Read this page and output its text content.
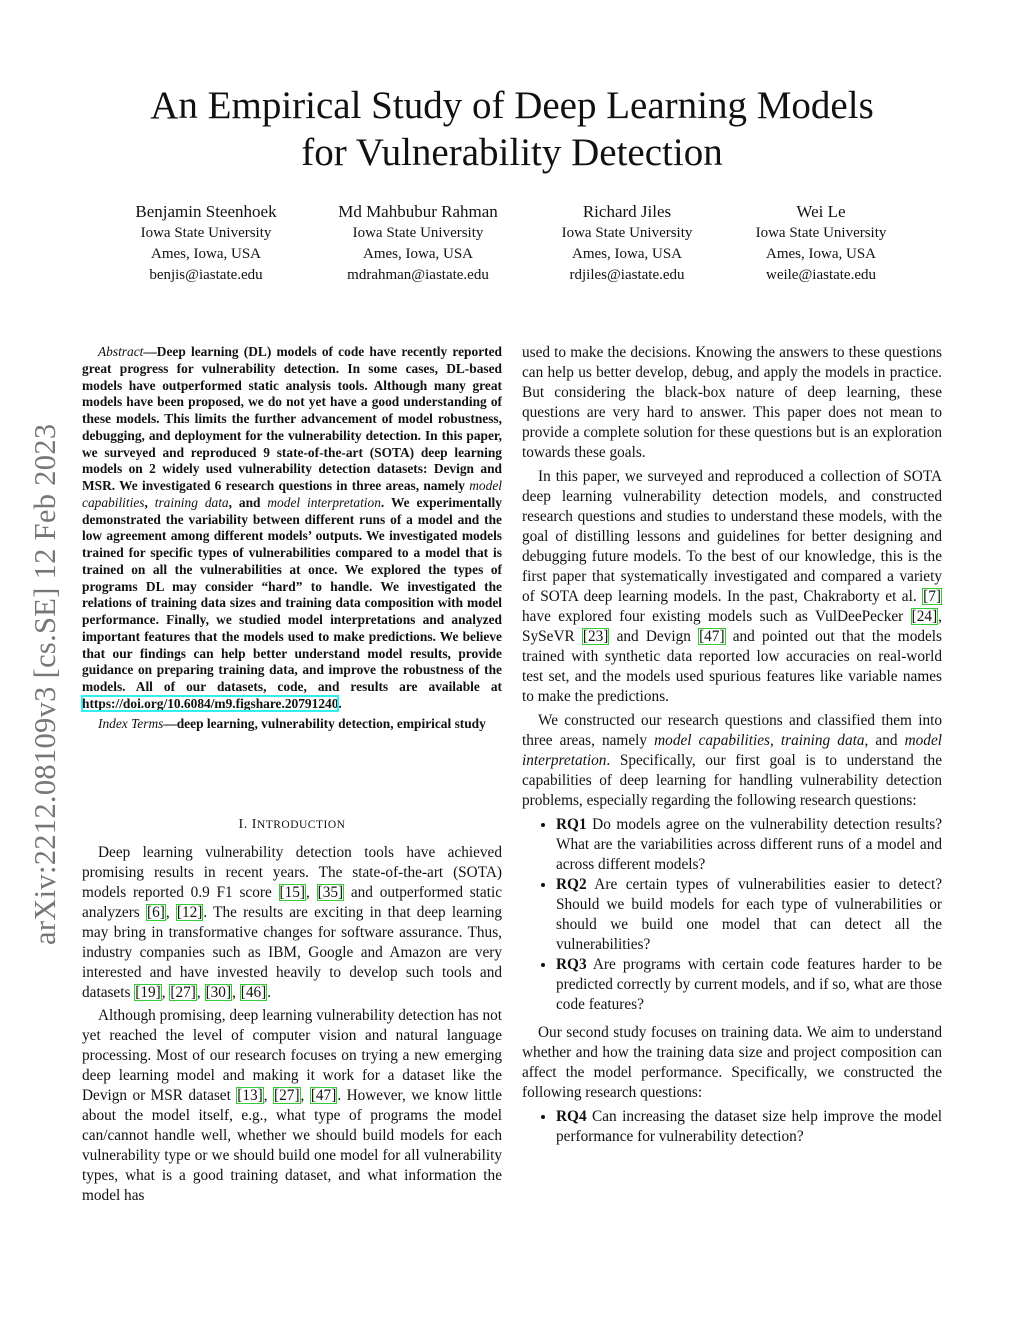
arXiv:2212.08109v3 [cs.SE] 12 Feb 2023
An Empirical Study of Deep Learning Models
for Vulnerability Detection
Benjamin Steenhoek
Iowa State University
Ames, Iowa, USA
benjis@iastate.edu
Md Mahbubur Rahman
Iowa State University
Ames, Iowa, USA
mdrahman@iastate.edu
Richard Jiles
Iowa State University
Ames, Iowa, USA
rdjiles@iastate.edu
Wei Le
Iowa State University
Ames, Iowa, USA
weile@iastate.edu

Abstract—Deep learning (DL) models of code have recently reported great progress for vulnerability detection. In some cases, DL-based models have outperformed static analysis tools. Although many great models have been proposed, we do not yet have a good understanding of these models. This limits the further advancement of model robustness, debugging, and deployment for the vulnerability detection. In this paper, we surveyed and reproduced 9 state-of-the-art (SOTA) deep learning models on 2 widely used vulnerability detection datasets: Devign and MSR. We investigated 6 research questions in three areas, namely model capabilities, training data, and model interpretation. We experimentally demonstrated the variability between different runs of a model and the low agreement among different models’ outputs. We investigated models trained for specific types of vulnerabilities compared to a model that is trained on all the vulnerabilities at once. We explored the types of programs DL may consider “hard” to handle. We investigated the relations of training data sizes and training data composition with model performance. Finally, we studied model interpretations and analyzed important features that the models used to make predictions. We believe that our findings can help better understand model results, provide guidance on preparing training data, and improve the robustness of the models. All of our datasets, code, and results are available at https://doi.org/10.6084/m9.figshare.20791240.

Index Terms—deep learning, vulnerability detection, empirical study

I. INTRODUCTION

Deep learning vulnerability detection tools have achieved promising results in recent years. The state-of-the-art (SOTA) models reported 0.9 F1 score [15], [35] and outperformed static analyzers [6], [12]. The results are exciting in that deep learning may bring in transformative changes for software assurance. Thus, industry companies such as IBM, Google and Amazon are very interested and have invested heavily to develop such tools and datasets [19], [27], [30], [46].

Although promising, deep learning vulnerability detection has not yet reached the level of computer vision and natural language processing. Most of our research focuses on trying a new emerging deep learning model and making it work for a dataset like the Devign or MSR dataset [13], [27], [47]. However, we know little about the model itself, e.g., what type of programs the model can/cannot handle well, whether we should build models for each vulnerability type or we should build one model for all vulnerability types, what is a good training dataset, and what information the model has

used to make the decisions. Knowing the answers to these questions can help us better develop, debug, and apply the models in practice. But considering the black-box nature of deep learning, these questions are very hard to answer. This paper does not mean to provide a complete solution for these questions but is an exploration towards these goals.

In this paper, we surveyed and reproduced a collection of SOTA deep learning vulnerability detection models, and constructed research questions and studies to understand these models, with the goal of distilling lessons and guidelines for better designing and debugging future models. To the best of our knowledge, this is the first paper that systematically investigated and compared a variety of SOTA deep learning models. In the past, Chakraborty et al. [7] have explored four existing models such as VulDeePecker [24], SySeVR [23] and Devign [47] and pointed out that the models trained with synthetic data reported low accuracies on real-world test set, and the models used spurious features like variable names to make the predictions.

We constructed our research questions and classified them into three areas, namely model capabilities, training data, and model interpretation. Specifically, our first goal is to understand the capabilities of deep learning for handling vulnerability detection problems, especially regarding the following research questions:

• RQ1 Do models agree on the vulnerability detection results? What are the variabilities across different runs of a model and across different models?
• RQ2 Are certain types of vulnerabilities easier to detect? Should we build models for each type of vulnerabilities or should we build one model that can detect all the vulnerabilities?
• RQ3 Are programs with certain code features harder to be predicted correctly by current models, and if so, what are those code features?

Our second study focuses on training data. We aim to understand whether and how the training data size and project composition can affect the model performance. Specifically, we constructed the following research questions:

• RQ4 Can increasing the dataset size help improve the model performance for vulnerability detection?
